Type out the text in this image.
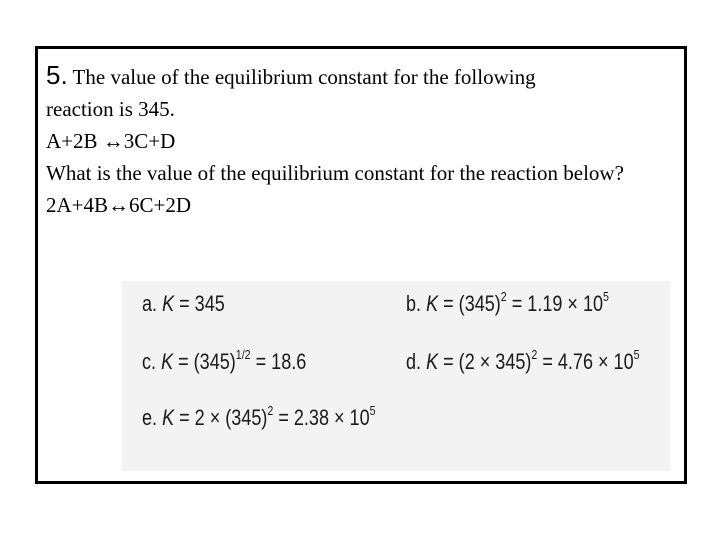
5. The value of the equilibrium constant for the following

reaction is 345.

A+2B ↔3C+D

What is the value of the equilibrium constant for the reaction below?

2A+4B↔6C+2D

a. K = 345	b. $K = (345)^2 = 1.19 \times 10^5$
c. $K = (345)^{1/2} = 18.6$	d. $K = (2 \times 345)^2 = 4.76 \times 10^5$
e. $K = 2 \times (345)^2 = 2.38 \times 10^5$
